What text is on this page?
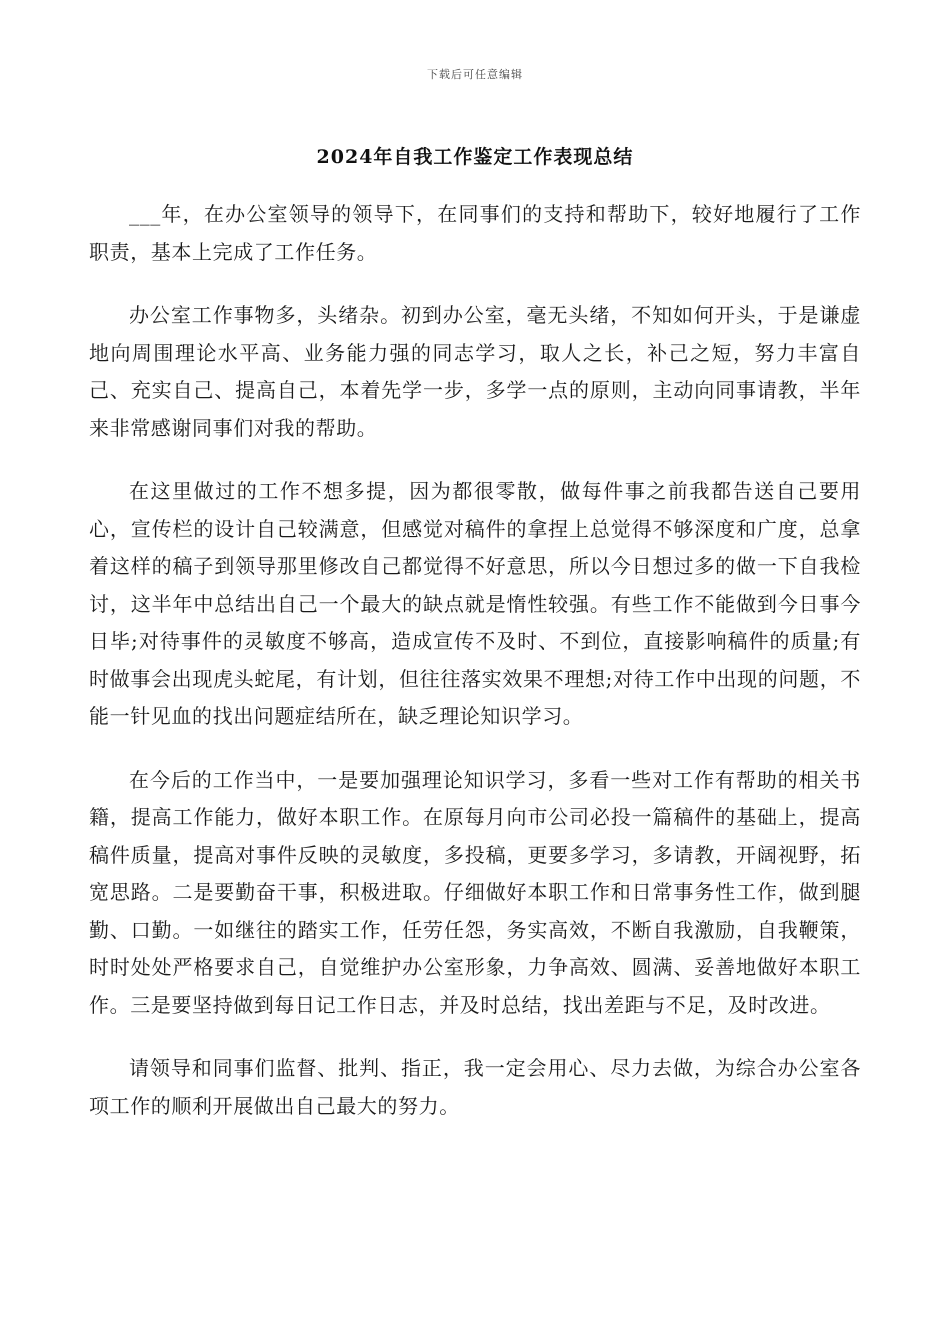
下载后可任意编辑
2024年自我工作鉴定工作表现总结

___年，在办公室领导的领导下，在同事们的支持和帮助下，较好地履行了工作职责，基本上完成了工作任务。

办公室工作事物多，头绪杂。初到办公室，毫无头绪，不知如何开头，于是谦虚地向周围理论水平高、业务能力强的同志学习，取人之长，补己之短，努力丰富自己、充实自己、提高自己，本着先学一步，多学一点的原则，主动向同事请教，半年来非常感谢同事们对我的帮助。

在这里做过的工作不想多提，因为都很零散，做每件事之前我都告送自己要用心，宣传栏的设计自己较满意，但感觉对稿件的拿捏上总觉得不够深度和广度，总拿着这样的稿子到领导那里修改自己都觉得不好意思，所以今日想过多的做一下自我检讨，这半年中总结出自己一个最大的缺点就是惰性较强。有些工作不能做到今日事今日毕;对待事件的灵敏度不够高，造成宣传不及时、不到位，直接影响稿件的质量;有时做事会出现虎头蛇尾，有计划，但往往落实效果不理想;对待工作中出现的问题，不能一针见血的找出问题症结所在，缺乏理论知识学习。

在今后的工作当中，一是要加强理论知识学习，多看一些对工作有帮助的相关书籍，提高工作能力，做好本职工作。在原每月向市公司必投一篇稿件的基础上，提高稿件质量，提高对事件反映的灵敏度，多投稿，更要多学习，多请教，开阔视野，拓宽思路。二是要勤奋干事，积极进取。仔细做好本职工作和日常事务性工作，做到腿勤、口勤。一如继往的踏实工作，任劳任怨，务实高效，不断自我激励，自我鞭策，时时处处严格要求自己，自觉维护办公室形象，力争高效、圆满、妥善地做好本职工作。三是要坚持做到每日记工作日志，并及时总结，找出差距与不足，及时改进。

请领导和同事们监督、批判、指正，我一定会用心、尽力去做，为综合办公室各项工作的顺利开展做出自己最大的努力。
